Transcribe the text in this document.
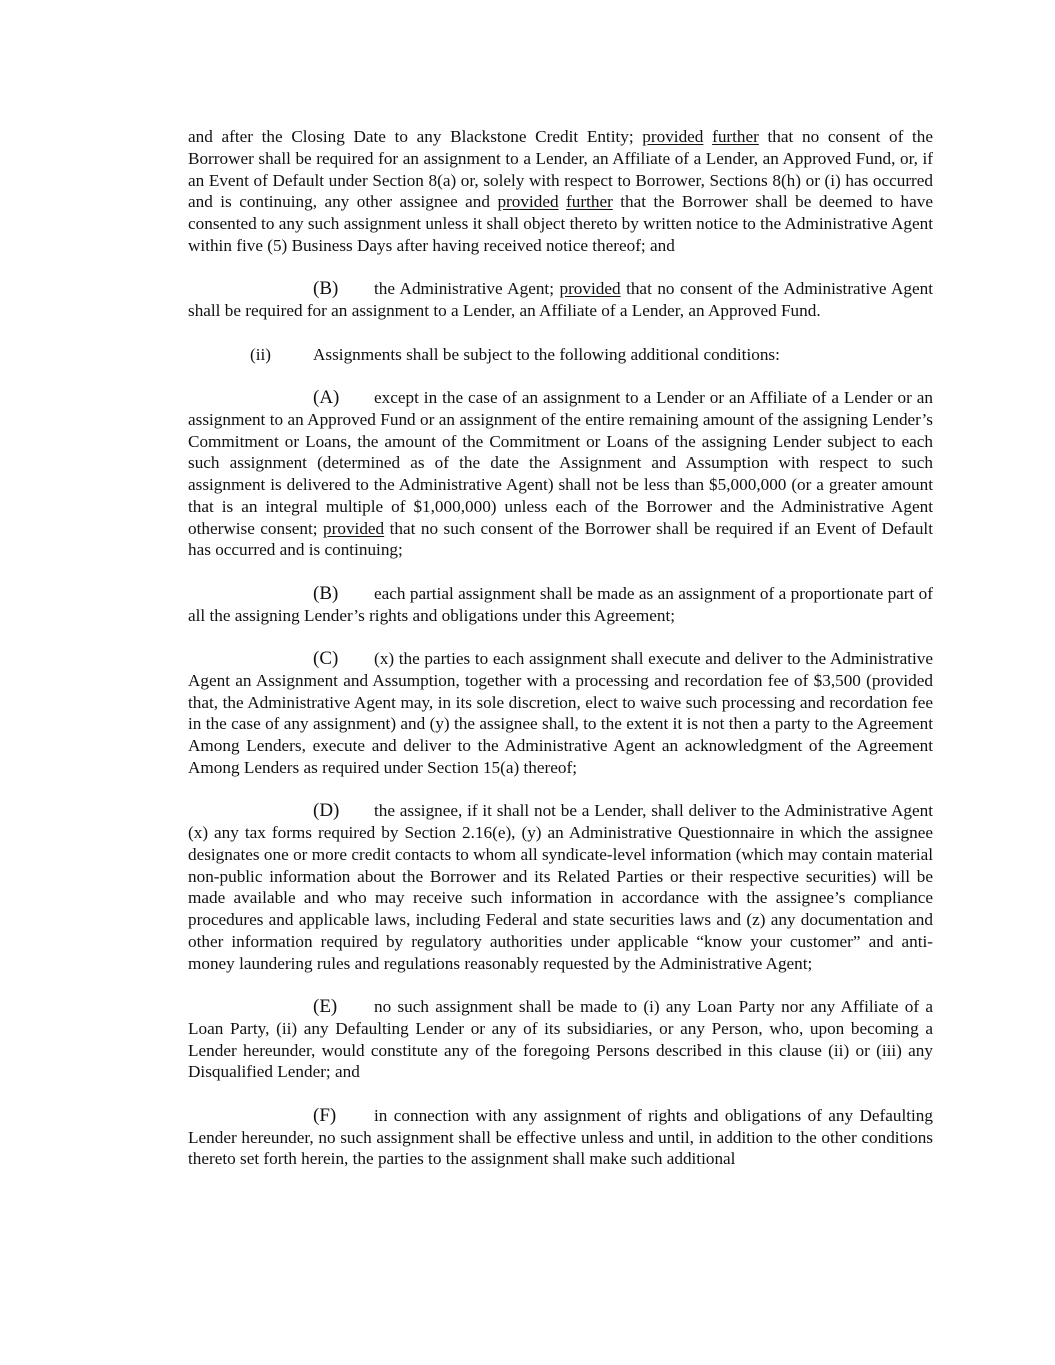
and after the Closing Date to any Blackstone Credit Entity; provided further that no consent of the Borrower shall be required for an assignment to a Lender, an Affiliate of a Lender, an Approved Fund, or, if an Event of Default under Section 8(a) or, solely with respect to Borrower, Sections 8(h) or (i) has occurred and is continuing, any other assignee and provided further that the Borrower shall be deemed to have consented to any such assignment unless it shall object thereto by written notice to the Administrative Agent within five (5) Business Days after having received notice thereof; and

(B) the Administrative Agent; provided that no consent of the Administrative Agent shall be required for an assignment to a Lender, an Affiliate of a Lender, an Approved Fund.

(ii) Assignments shall be subject to the following additional conditions:

(A) except in the case of an assignment to a Lender or an Affiliate of a Lender or an assignment to an Approved Fund or an assignment of the entire remaining amount of the assigning Lender’s Commitment or Loans, the amount of the Commitment or Loans of the assigning Lender subject to each such assignment (determined as of the date the Assignment and Assumption with respect to such assignment is delivered to the Administrative Agent) shall not be less than $5,000,000 (or a greater amount that is an integral multiple of $1,000,000) unless each of the Borrower and the Administrative Agent otherwise consent; provided that no such consent of the Borrower shall be required if an Event of Default has occurred and is continuing;

(B) each partial assignment shall be made as an assignment of a proportionate part of all the assigning Lender’s rights and obligations under this Agreement;

(C) (x) the parties to each assignment shall execute and deliver to the Administrative Agent an Assignment and Assumption, together with a processing and recordation fee of $3,500 (provided that, the Administrative Agent may, in its sole discretion, elect to waive such processing and recordation fee in the case of any assignment) and (y) the assignee shall, to the extent it is not then a party to the Agreement Among Lenders, execute and deliver to the Administrative Agent an acknowledgment of the Agreement Among Lenders as required under Section 15(a) thereof;

(D) the assignee, if it shall not be a Lender, shall deliver to the Administrative Agent (x) any tax forms required by Section 2.16(e), (y) an Administrative Questionnaire in which the assignee designates one or more credit contacts to whom all syndicate-level information (which may contain material non-public information about the Borrower and its Related Parties or their respective securities) will be made available and who may receive such information in accordance with the assignee’s compliance procedures and applicable laws, including Federal and state securities laws and (z) any documentation and other information required by regulatory authorities under applicable “know your customer” and anti-money laundering rules and regulations reasonably requested by the Administrative Agent;

(E) no such assignment shall be made to (i) any Loan Party nor any Affiliate of a Loan Party, (ii) any Defaulting Lender or any of its subsidiaries, or any Person, who, upon becoming a Lender hereunder, would constitute any of the foregoing Persons described in this clause (ii) or (iii) any Disqualified Lender; and

(F) in connection with any assignment of rights and obligations of any Defaulting Lender hereunder, no such assignment shall be effective unless and until, in addition to the other conditions thereto set forth herein, the parties to the assignment shall make such additional
